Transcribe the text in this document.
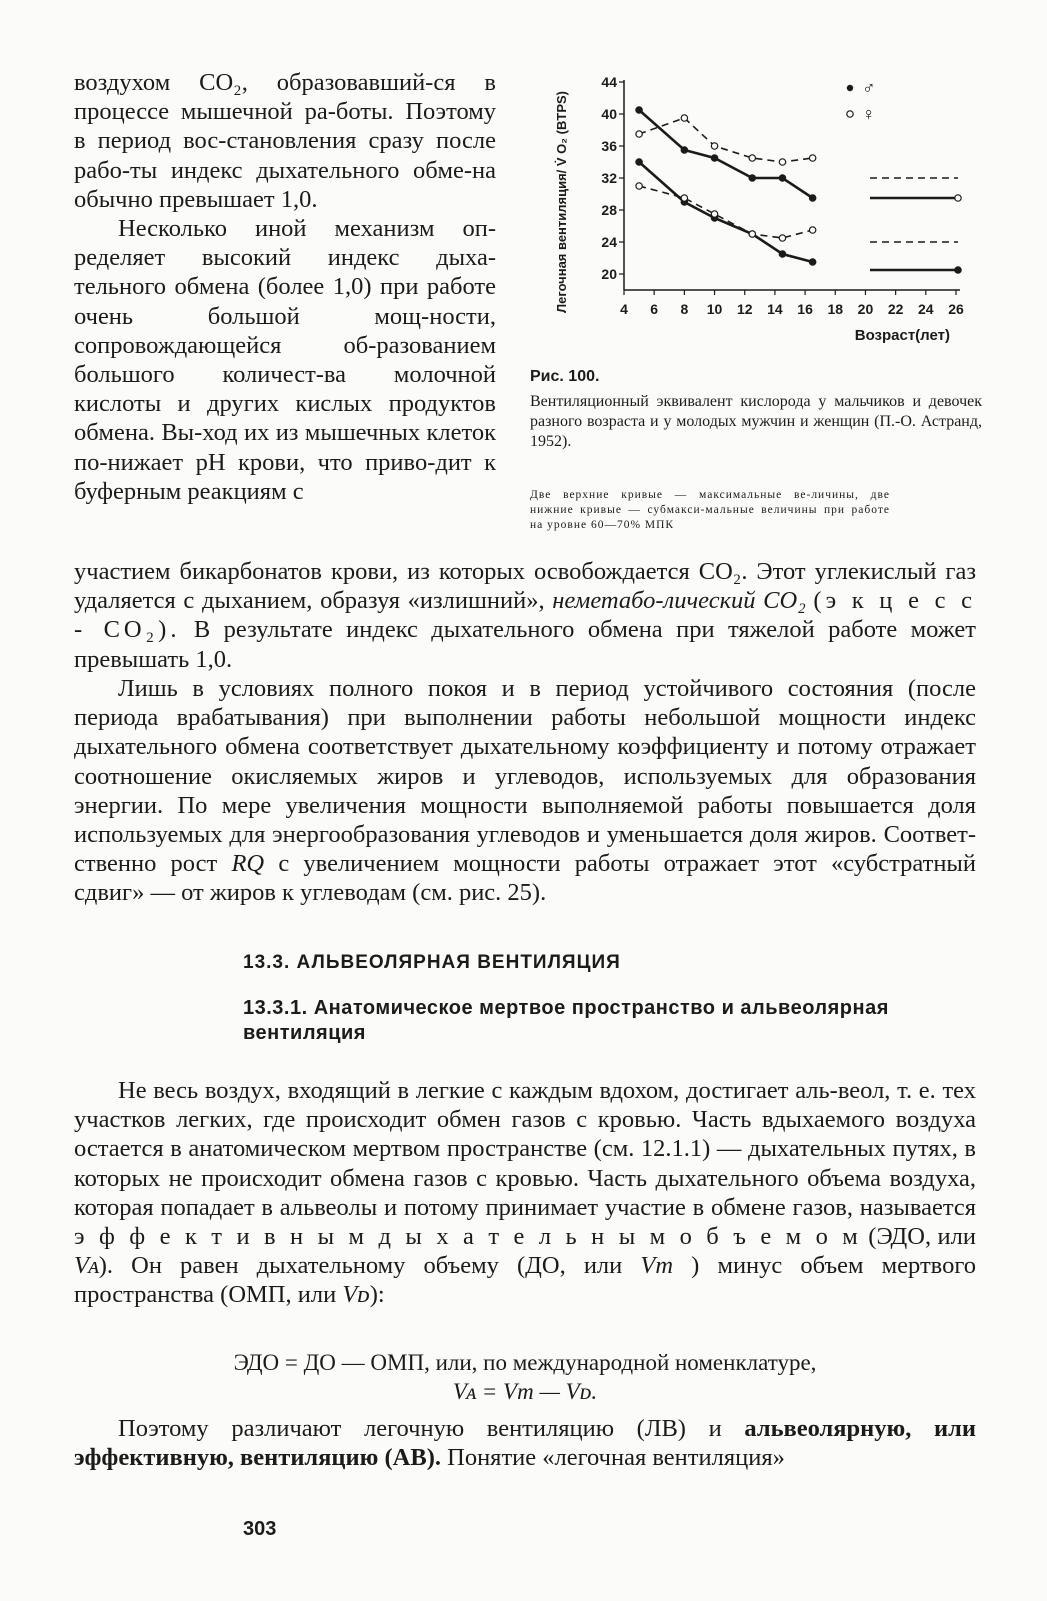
воздухом CO₂, образовавший-ся в процессе мышечной ра-боты. Поэтому в период вос-становления сразу после рабо-ты индекс дыхательного обме-на обычно превышает 1,0.

Несколько иной механизм оп-ределяет высокий индекс дыха-тельного обмена (более 1,0) при работе очень большой мощ-ности, сопровождающейся об-разованием большого количест-ва молочной кислоты и других кислых продуктов обмена. Вы-ход их из мышечных клеток по-нижает pH крови, что приво-дит к буферным реакциям с

Легочная вентиляция/ V̇ O₂ (BTPS) 20
24
28
32
36
40
44
4 6 8 10 12 14 16 18 20 22 24 26
♂
♀
Возраст(лет)
Рис. 100.
Вентиляционный эквивалент кислорода у мальчиков и девочек разного возраста и у молодых мужчин и женщин (П.-О. Астранд, 1952).
Две верхние кривые — максимальные ве-личины, две нижние кривые — субмакси-мальные величины при работе на уровне 60—70% МПК

участием бикарбонатов крови, из которых освобождается CO₂. Этот углекислый газ удаляется с дыханием, образуя «излишний», неметабо-лический CO₂ (э к ц е с с - CO₂). В результате индекс дыхательного обмена при тяжелой работе может превышать 1,0.

Лишь в условиях полного покоя и в период устойчивого состояния (после периода врабатывания) при выполнении работы небольшой мощности индекс дыхательного обмена соответствует дыхательному коэффициенту и потому отражает соотношение окисляемых жиров и углеводов, используемых для образования энергии. По мере увеличения мощности выполняемой работы повышается доля используемых для энергообразования углеводов и уменьшается доля жиров. Соответ-ственно рост RQ с увеличением мощности работы отражает этот «субстратный сдвиг» — от жиров к углеводам (см. рис. 25).

13.3. АЛЬВЕОЛЯРНАЯ ВЕНТИЛЯЦИЯ
13.3.1. Анатомическое мертвое пространство и альвеолярная вентиляция

Не весь воздух, входящий в легкие с каждым вдохом, достигает аль-веол, т. е. тех участков легких, где происходит обмен газов с кровью. Часть вдыхаемого воздуха остается в анатомическом мертвом пространстве (см. 12.1.1) — дыхательных путях, в которых не происходит обмена газов с кровью. Часть дыхательного объема воздуха, которая попадает в альвеолы и потому принимает участие в обмене газов, называется э ф ф е к т и в н ы м д ы х а т е л ь н ы м о б ъ е м о м (ЭДО, или Vᴀ). Он равен дыхательному объему (ДО, или Vт ) минус объем мертвого пространства (ОМП, или Vᴅ):

ЭДО = ДО — ОМП, или, по международной номенклатуре,
Vᴀ = Vт — Vᴅ.

Поэтому различают легочную вентиляцию (ЛВ) и альвеолярную, или эффективную, вентиляцию (АВ). Понятие «легочная вентиляция»

303
